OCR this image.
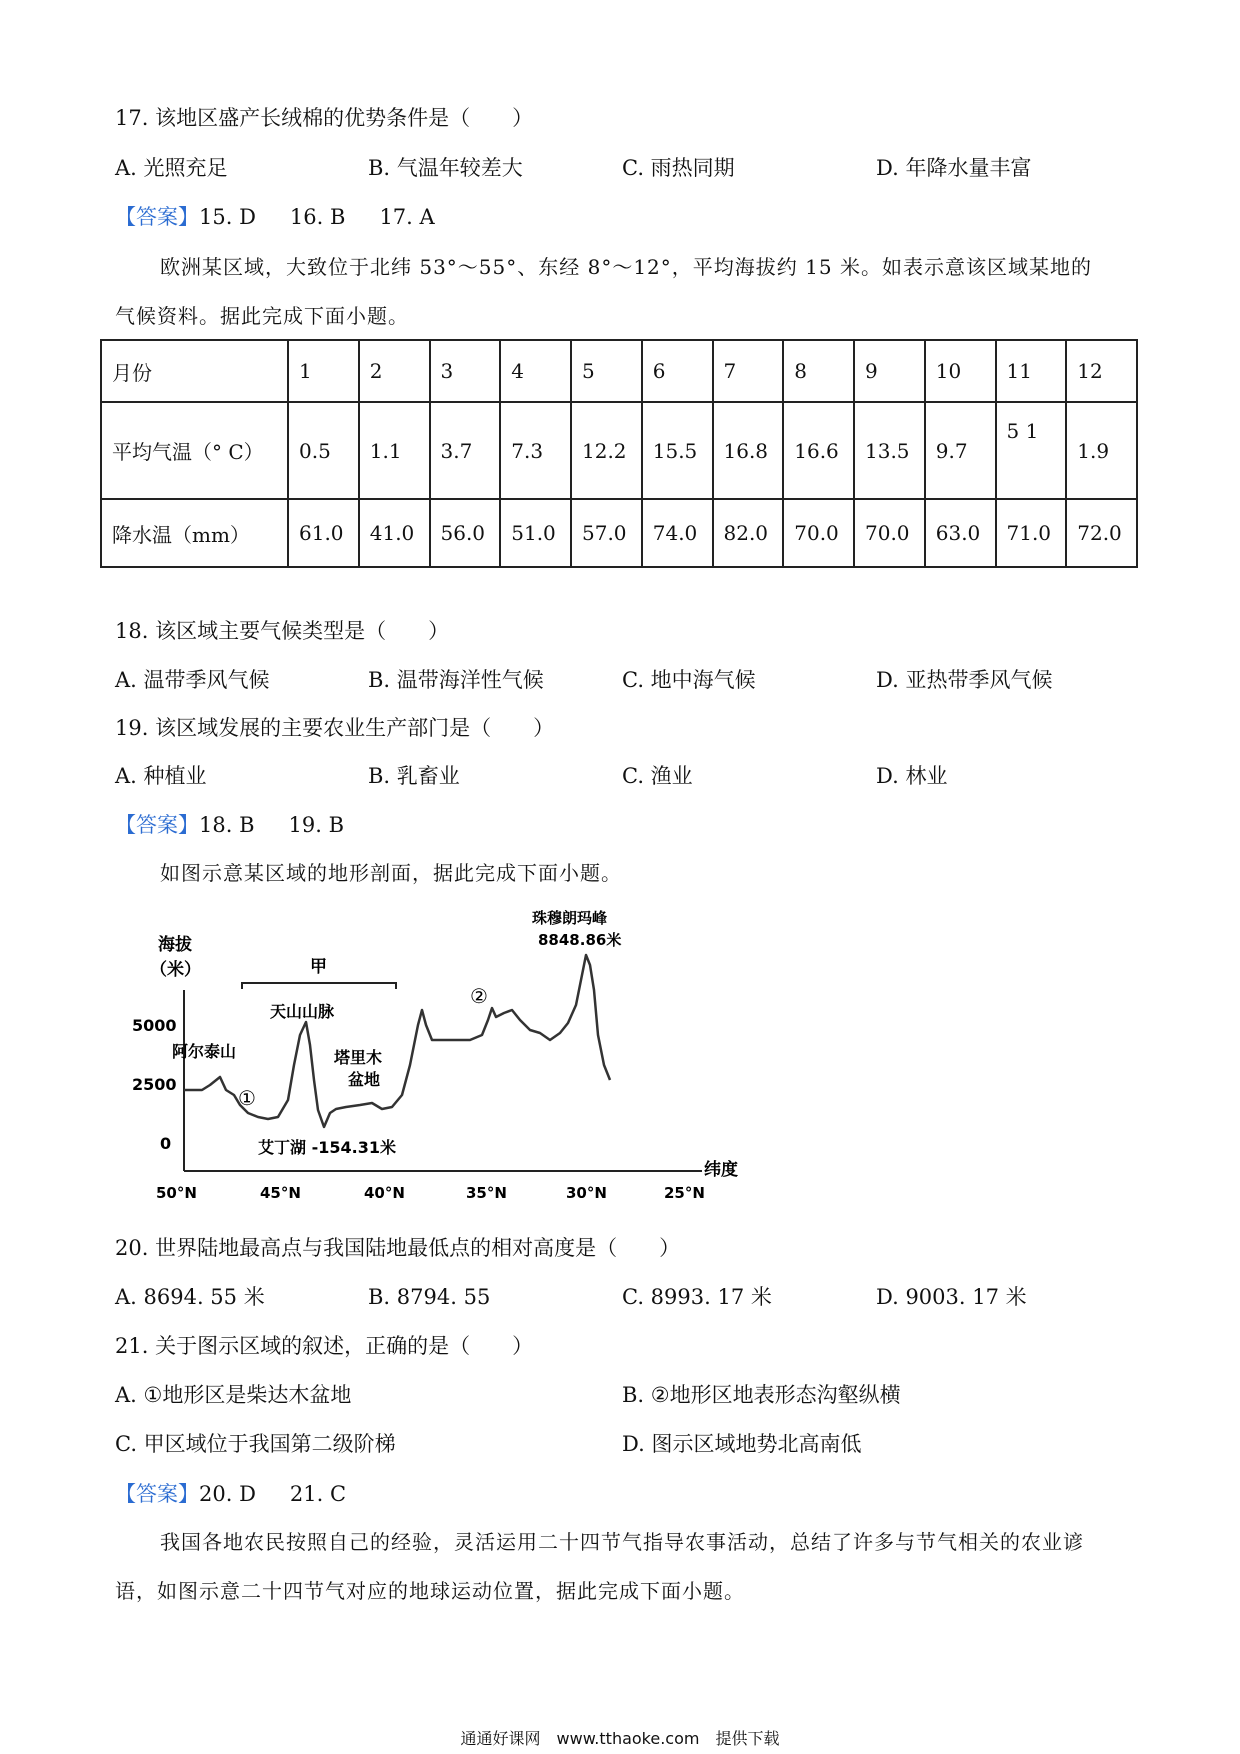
17. 该地区盛产长绒棉的优势条件是（　　）
A. 光照充足	B. 气温年较差大	C. 雨热同期	D. 年降水量丰富
【答案】15. D 16. B 17. A
欧洲某区域，大致位于北纬 53°～55°、东经 8°～12°，平均海拔约 15 米。如表示意该区域某地的
气候资料。据此完成下面小题。
月份	1	2	3	4	5	6	7	8	9	10	11	12
平均气温（° C）	0.5	1.1	3.7	7.3	12.2	15.5	16.8	16.6	13.5	9.7	5 1	1.9
降水温（mm）	61.0	41.0	56.0	51.0	57.0	74.0	82.0	70.0	70.0	63.0	71.0	72.0
18. 该区域主要气候类型是（　　）
A. 温带季风气候	B. 温带海洋性气候	C. 地中海气候	D. 亚热带季风气候
19. 该区域发展的主要农业生产部门是（　　）
A. 种植业	B. 乳畜业	C. 渔业	D. 林业
【答案】18. B 19. B
如图示意某区域的地形剖面，据此完成下面小题。
海拔
（米）
5000
2500
0
50°N	45°N	40°N	35°N	30°N	25°N
纬度
甲
阿尔泰山
天山山脉
塔里木
盆地
珠穆朗玛峰
8848.86米
艾丁湖 -154.31米
①
②
20. 世界陆地最高点与我国陆地最低点的相对高度是（　　）
A. 8694. 55 米	B. 8794. 55	C. 8993. 17 米	D. 9003. 17 米
21. 关于图示区域的叙述，正确的是（　　）
A. ①地形区是柴达木盆地	B. ②地形区地表形态沟壑纵横
C. 甲区域位于我国第二级阶梯	D. 图示区域地势北高南低
【答案】20. D 21. C
我国各地农民按照自己的经验，灵活运用二十四节气指导农事活动，总结了许多与节气相关的农业谚
语，如图示意二十四节气对应的地球运动位置，据此完成下面小题。
通通好课网　www.tthaoke.com　提供下载
